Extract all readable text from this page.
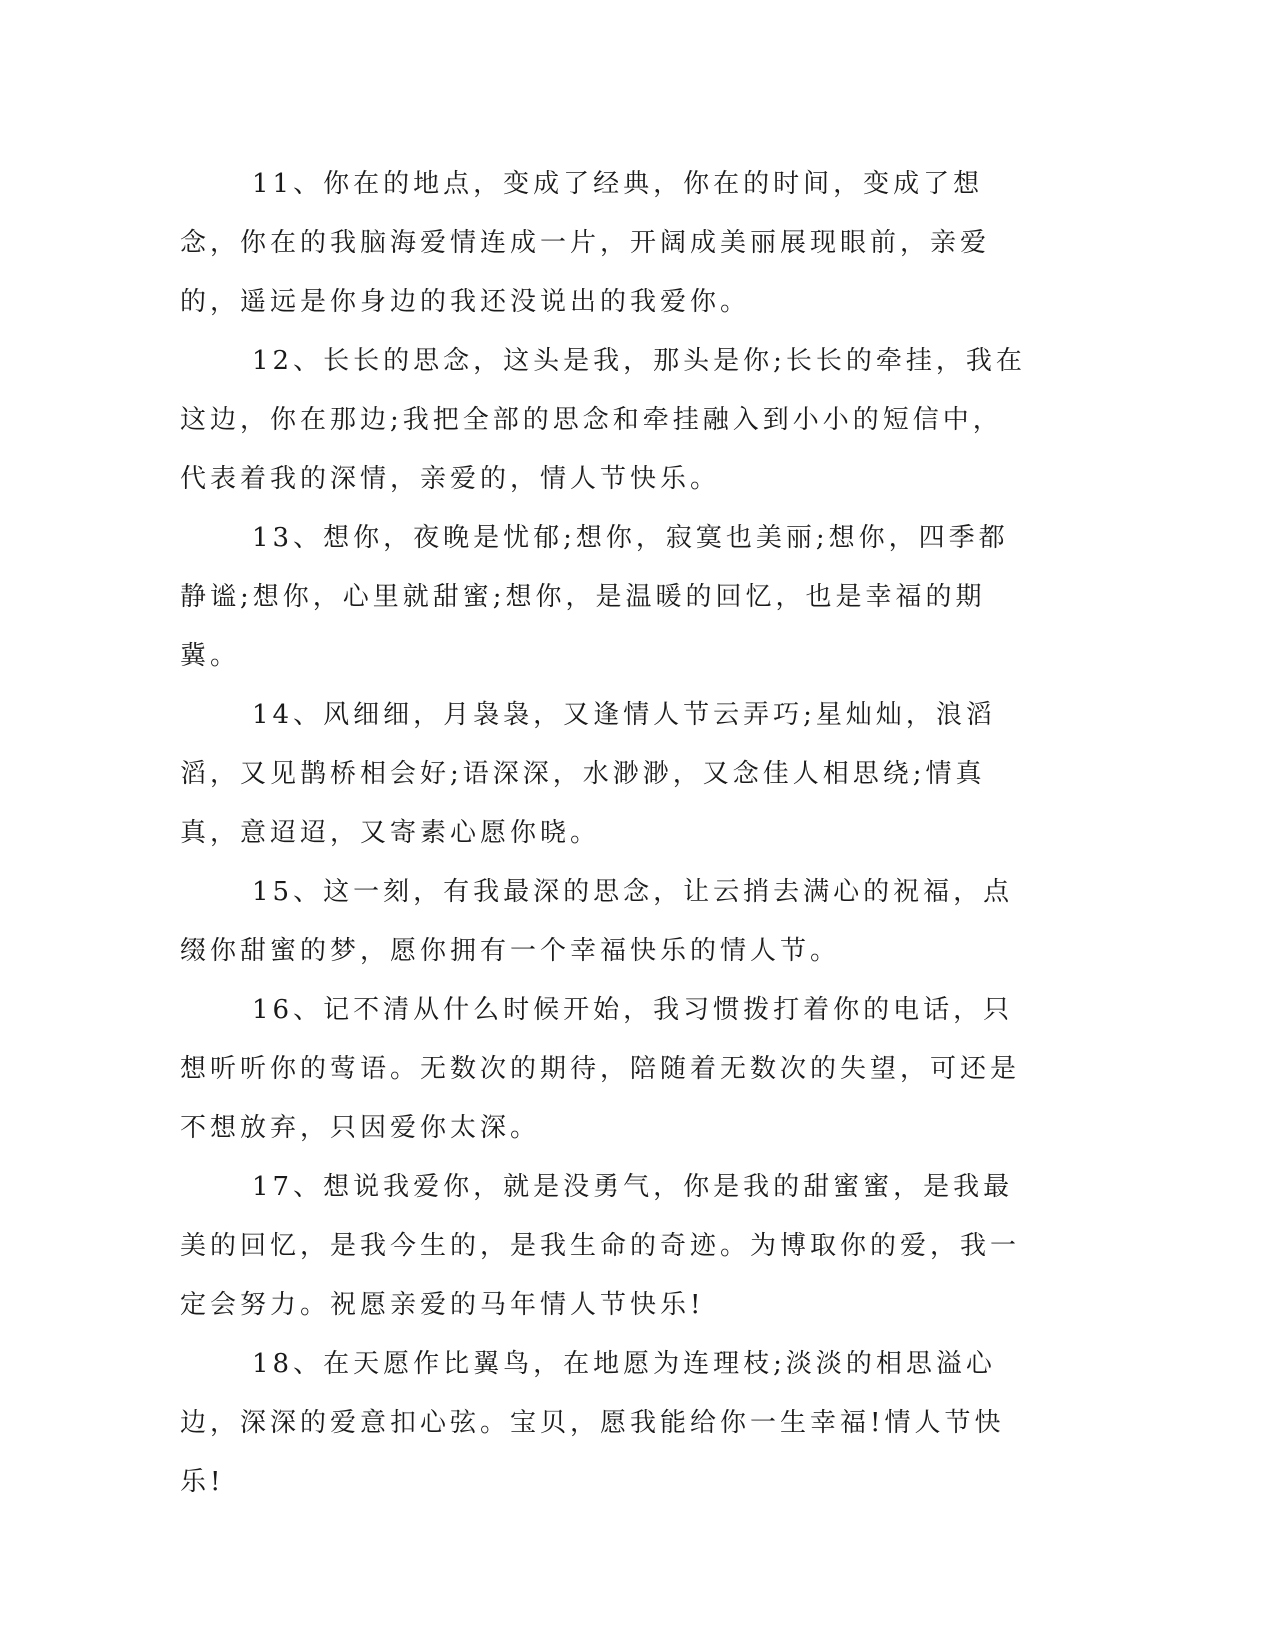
11、你在的地点，变成了经典，你在的时间，变成了想念，你在的我脑海爱情连成一片，开阔成美丽展现眼前，亲爱的，遥远是你身边的我还没说出的我爱你。

12、长长的思念，这头是我，那头是你;长长的牵挂，我在这边，你在那边;我把全部的思念和牵挂融入到小小的短信中，代表着我的深情，亲爱的，情人节快乐。

13、想你，夜晚是忧郁;想你，寂寞也美丽;想你，四季都静谧;想你，心里就甜蜜;想你，是温暖的回忆，也是幸福的期冀。

14、风细细，月袅袅，又逢情人节云弄巧;星灿灿，浪滔滔，又见鹊桥相会好;语深深，水渺渺，又念佳人相思绕;情真真，意迢迢，又寄素心愿你晓。

15、这一刻，有我最深的思念，让云捎去满心的祝福，点缀你甜蜜的梦，愿你拥有一个幸福快乐的情人节。

16、记不清从什么时候开始，我习惯拨打着你的电话，只想听听你的莺语。无数次的期待，陪随着无数次的失望，可还是不想放弃，只因爱你太深。

17、想说我爱你，就是没勇气，你是我的甜蜜蜜，是我最美的回忆，是我今生的，是我生命的奇迹。为博取你的爱，我一定会努力。祝愿亲爱的马年情人节快乐!

18、在天愿作比翼鸟，在地愿为连理枝;淡淡的相思溢心边，深深的爱意扣心弦。宝贝，愿我能给你一生幸福!情人节快乐!
